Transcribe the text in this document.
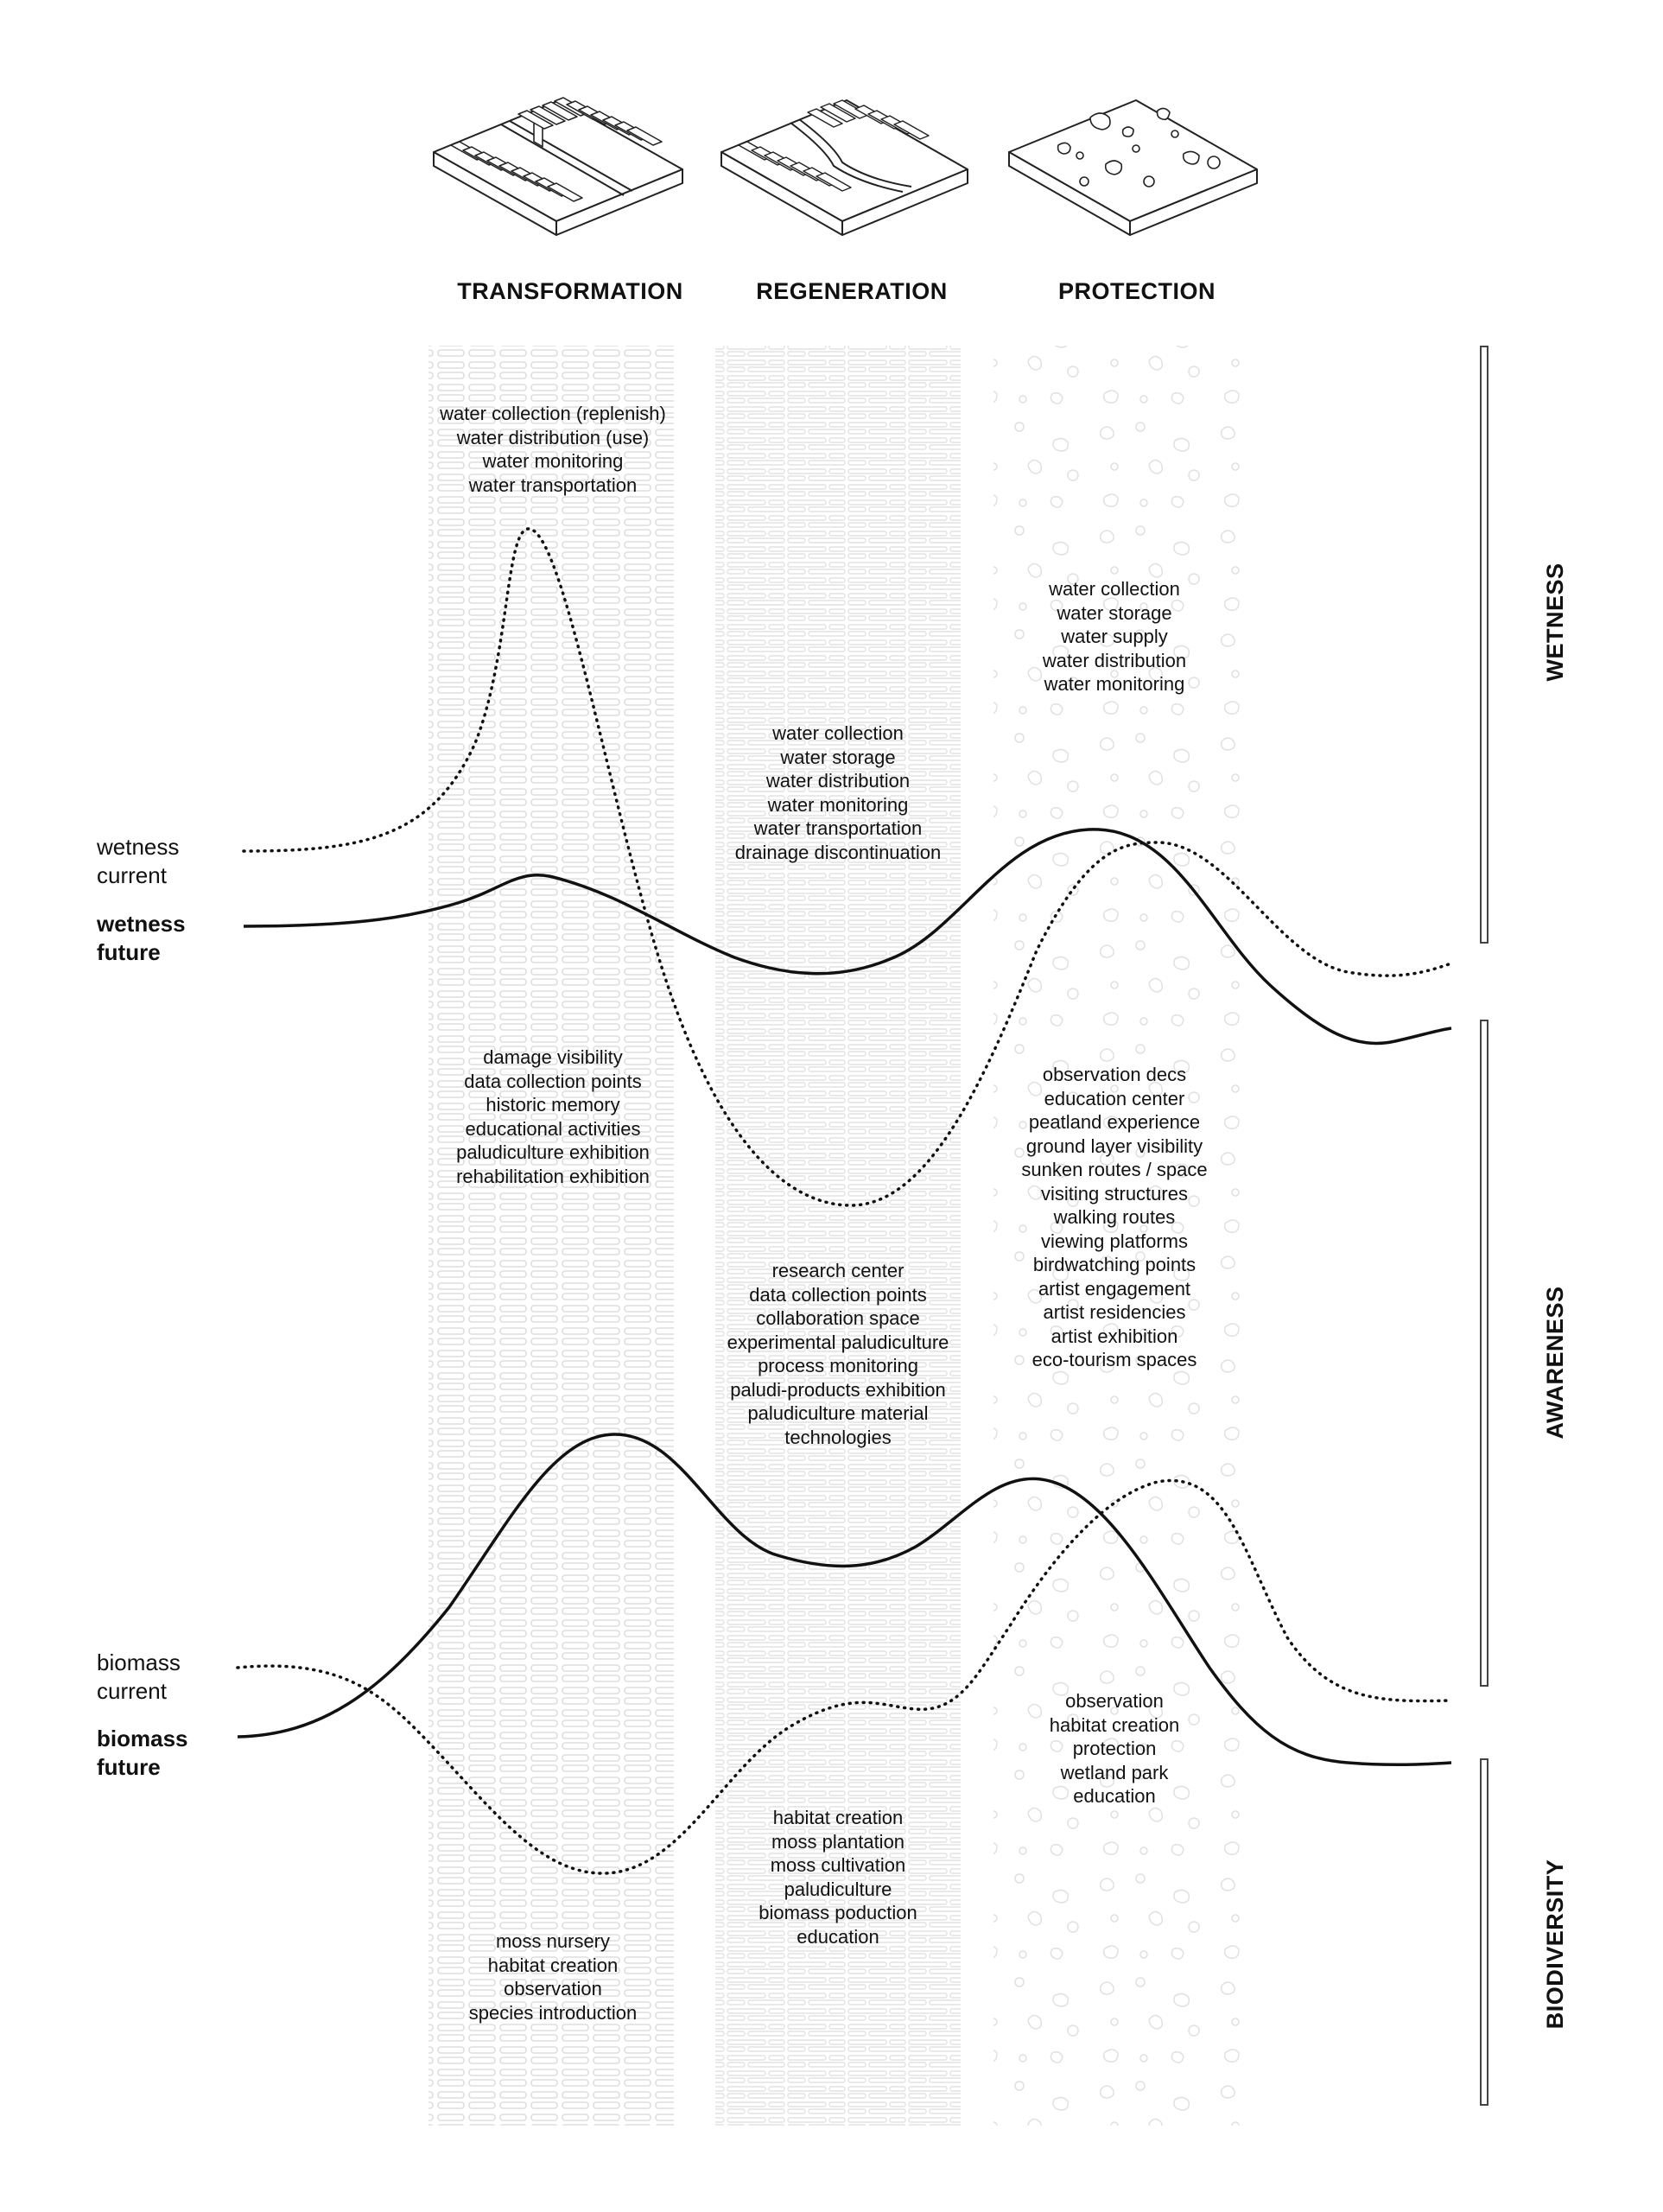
TRANSFORMATION	REGENERATION	PROTECTION
wetness
current
wetness
future
biomass
current
biomass
future
water collection (replenish)
water distribution (use)
water monitoring
water transportation
water collection
water storage
water distribution
water monitoring
water transportation
drainage discontinuation
water collection
water storage
water supply
water distribution
water monitoring
damage visibility
data collection points
historic memory
educational activities
paludiculture exhibition
rehabilitation exhibition
research center
data collection points
collaboration space
experimental paludiculture
process monitoring
paludi-products exhibition
paludiculture material
technologies
observation decs
education center
peatland experience
ground layer visibility
sunken routes / space
visiting structures
walking routes
viewing platforms
birdwatching points
artist engagement
artist residencies
artist exhibition
eco-tourism spaces
observation
habitat creation
protection
wetland park
education
habitat creation
moss plantation
moss cultivation
paludiculture
biomass poduction
education
moss nursery
habitat creation
observation
species introduction
WETNESS
AWARENESS
BIODIVERSITY
